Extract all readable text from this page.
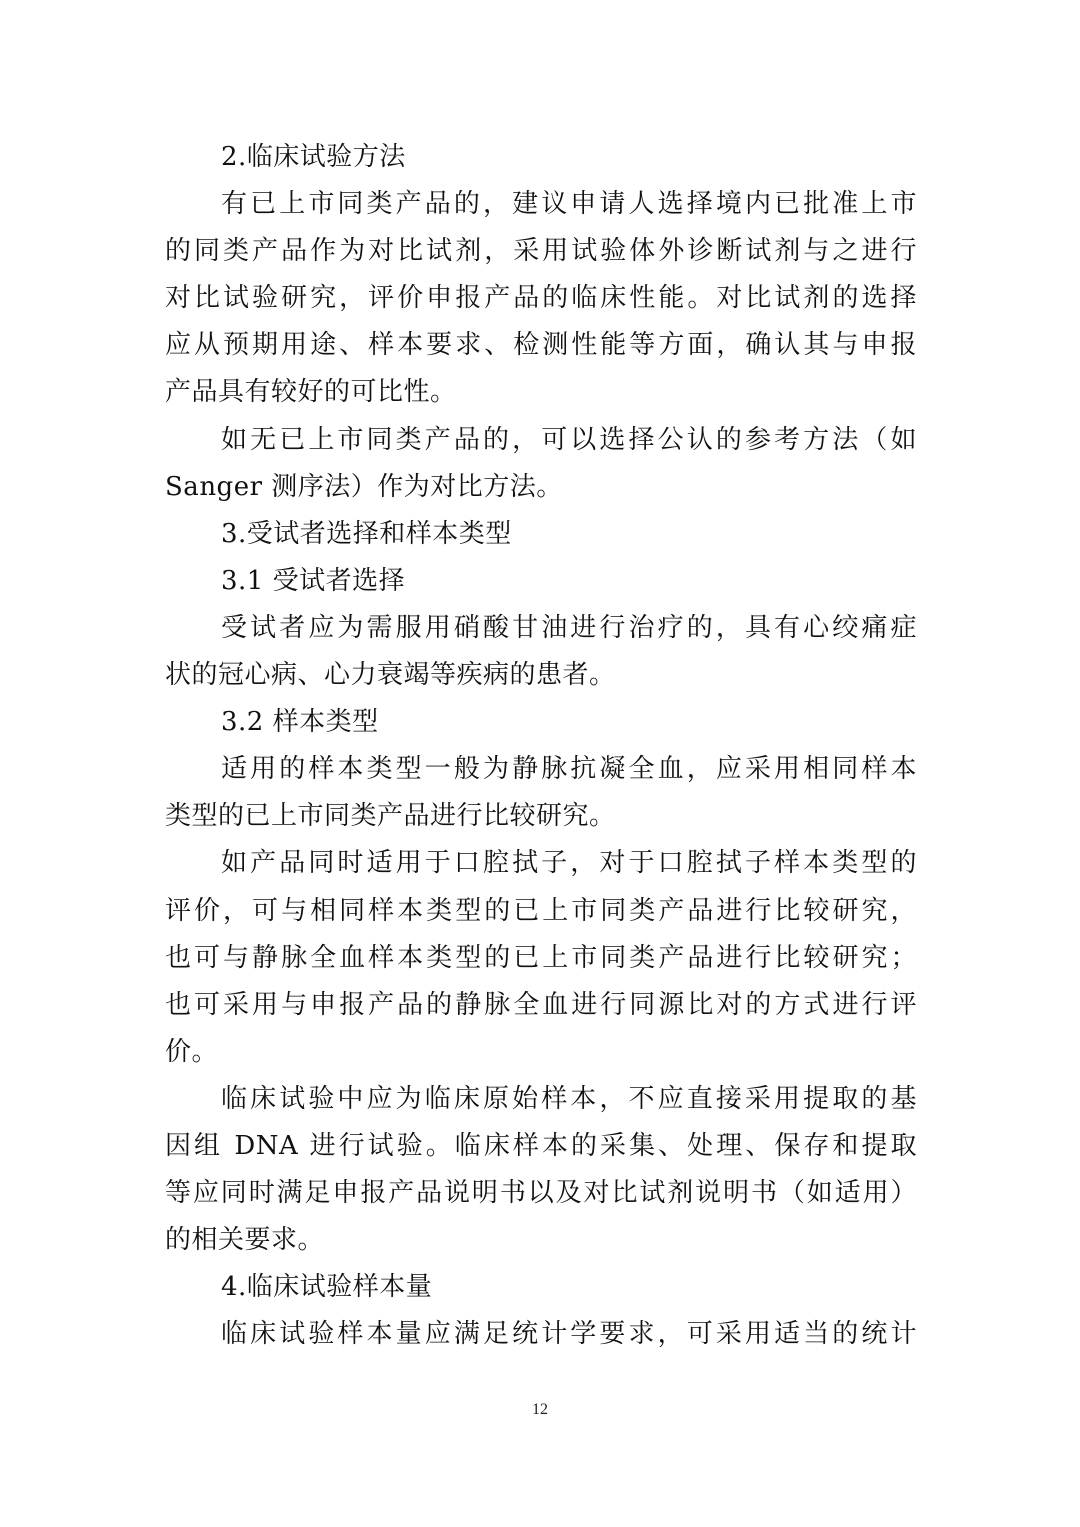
2.临床试验方法
有已上市同类产品的，建议申请人选择境内已批准上市
的同类产品作为对比试剂，采用试验体外诊断试剂与之进行
对比试验研究，评价申报产品的临床性能。对比试剂的选择
应从预期用途、样本要求、检测性能等方面，确认其与申报
产品具有较好的可比性。
如无已上市同类产品的，可以选择公认的参考方法（如
Sanger 测序法）作为对比方法。
3.受试者选择和样本类型
3.1 受试者选择
受试者应为需服用硝酸甘油进行治疗的，具有心绞痛症
状的冠心病、心力衰竭等疾病的患者。
3.2 样本类型
适用的样本类型一般为静脉抗凝全血，应采用相同样本
类型的已上市同类产品进行比较研究。
如产品同时适用于口腔拭子，对于口腔拭子样本类型的
评价，可与相同样本类型的已上市同类产品进行比较研究，
也可与静脉全血样本类型的已上市同类产品进行比较研究；
也可采用与申报产品的静脉全血进行同源比对的方式进行评
价。
临床试验中应为临床原始样本，不应直接采用提取的基
因组 DNA 进行试验。临床样本的采集、处理、保存和提取
等应同时满足申报产品说明书以及对比试剂说明书（如适用）
的相关要求。
4.临床试验样本量
临床试验样本量应满足统计学要求，可采用适当的统计
12
